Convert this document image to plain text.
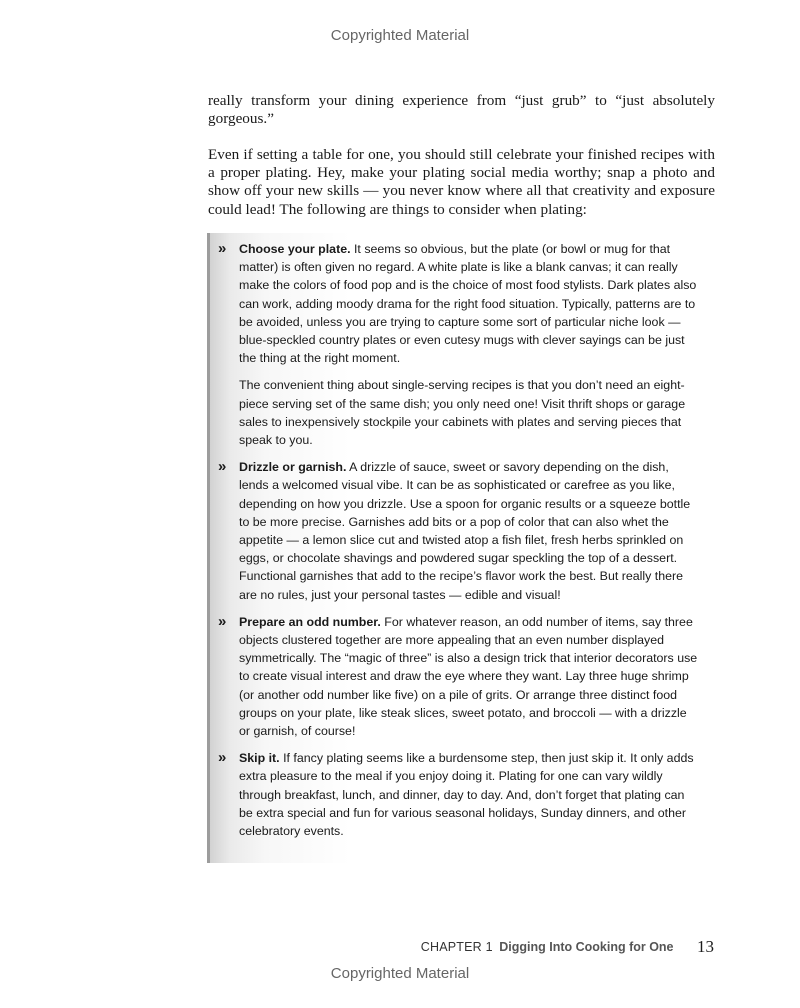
Copyrighted Material

really transform your dining experience from “just grub” to “just absolutely gorgeous.”

Even if setting a table for one, you should still celebrate your finished recipes with a proper plating. Hey, make your plating social media worthy; snap a photo and show off your new skills — you never know where all that creativity and exposure could lead! The following are things to consider when plating:

» Choose your plate. It seems so obvious, but the plate (or bowl or mug for that matter) is often given no regard. A white plate is like a blank canvas; it can really make the colors of food pop and is the choice of most food stylists. Dark plates also can work, adding moody drama for the right food situation. Typically, patterns are to be avoided, unless you are trying to capture some sort of particular niche look — blue-speckled country plates or even cutesy mugs with clever sayings can be just the thing at the right moment.

The convenient thing about single-serving recipes is that you don’t need an eight-piece serving set of the same dish; you only need one! Visit thrift shops or garage sales to inexpensively stockpile your cabinets with plates and serving pieces that speak to you.

» Drizzle or garnish. A drizzle of sauce, sweet or savory depending on the dish, lends a welcomed visual vibe. It can be as sophisticated or carefree as you like, depending on how you drizzle. Use a spoon for organic results or a squeeze bottle to be more precise. Garnishes add bits or a pop of color that can also whet the appetite — a lemon slice cut and twisted atop a fish filet, fresh herbs sprinkled on eggs, or chocolate shavings and powdered sugar speckling the top of a dessert. Functional garnishes that add to the recipe’s flavor work the best. But really there are no rules, just your personal tastes — edible and visual!

» Prepare an odd number. For whatever reason, an odd number of items, say three objects clustered together are more appealing that an even number displayed symmetrically. The “magic of three” is also a design trick that interior decorators use to create visual interest and draw the eye where they want. Lay three huge shrimp (or another odd number like five) on a pile of grits. Or arrange three distinct food groups on your plate, like steak slices, sweet potato, and broccoli — with a drizzle or garnish, of course!

» Skip it. If fancy plating seems like a burdensome step, then just skip it. It only adds extra pleasure to the meal if you enjoy doing it. Plating for one can vary wildly through breakfast, lunch, and dinner, day to day. And, don’t forget that plating can be extra special and fun for various seasonal holidays, Sunday dinners, and other celebratory events.

CHAPTER 1 Digging Into Cooking for One 13
Copyrighted Material
